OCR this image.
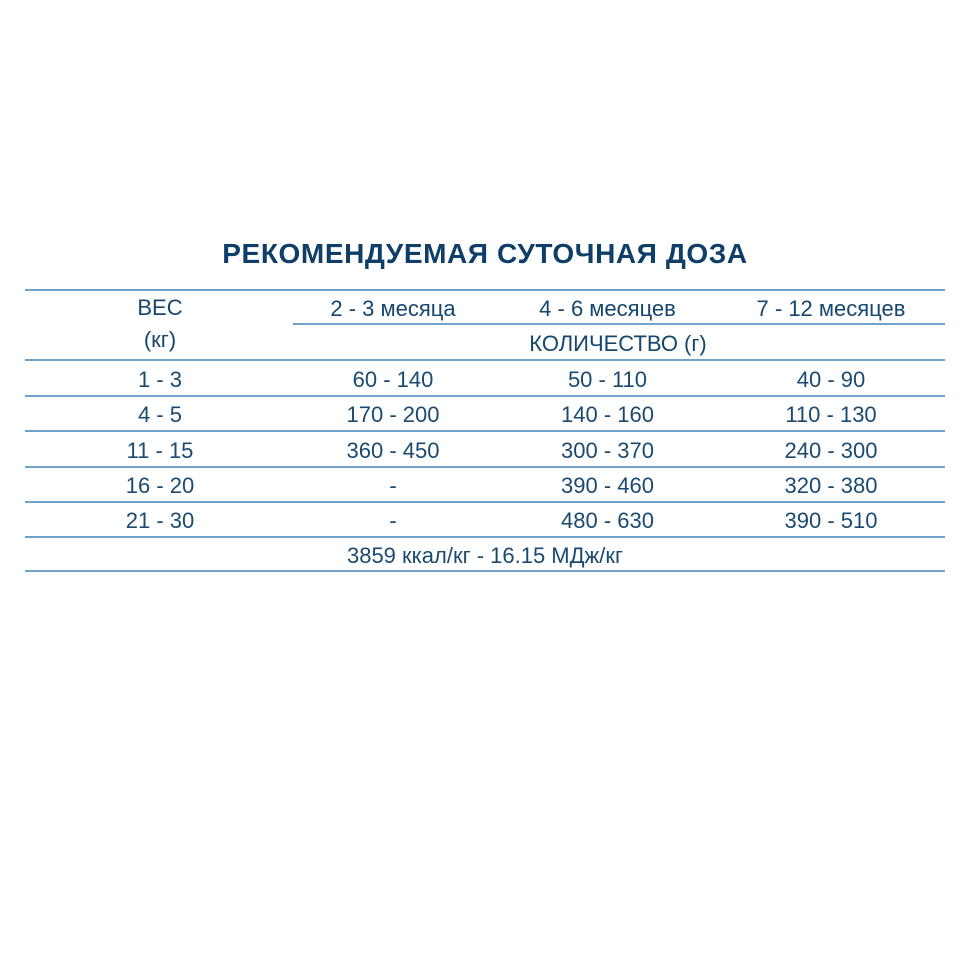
РЕКОМЕНДУЕМАЯ СУТОЧНАЯ ДОЗА
ВЕС
(кг)
2 - 3 месяца	4 - 6 месяцев	7 - 12 месяцев
КОЛИЧЕСТВО (г)
1 - 3	60 - 140	50 - 110	40 - 90
4 - 5	170 - 200	140 - 160	110 - 130
11 - 15	360 - 450	300 - 370	240 - 300
16 - 20	-	390 - 460	320 - 380
21 - 30	-	480 - 630	390 - 510
3859 ккал/кг - 16.15 МДж/кг
